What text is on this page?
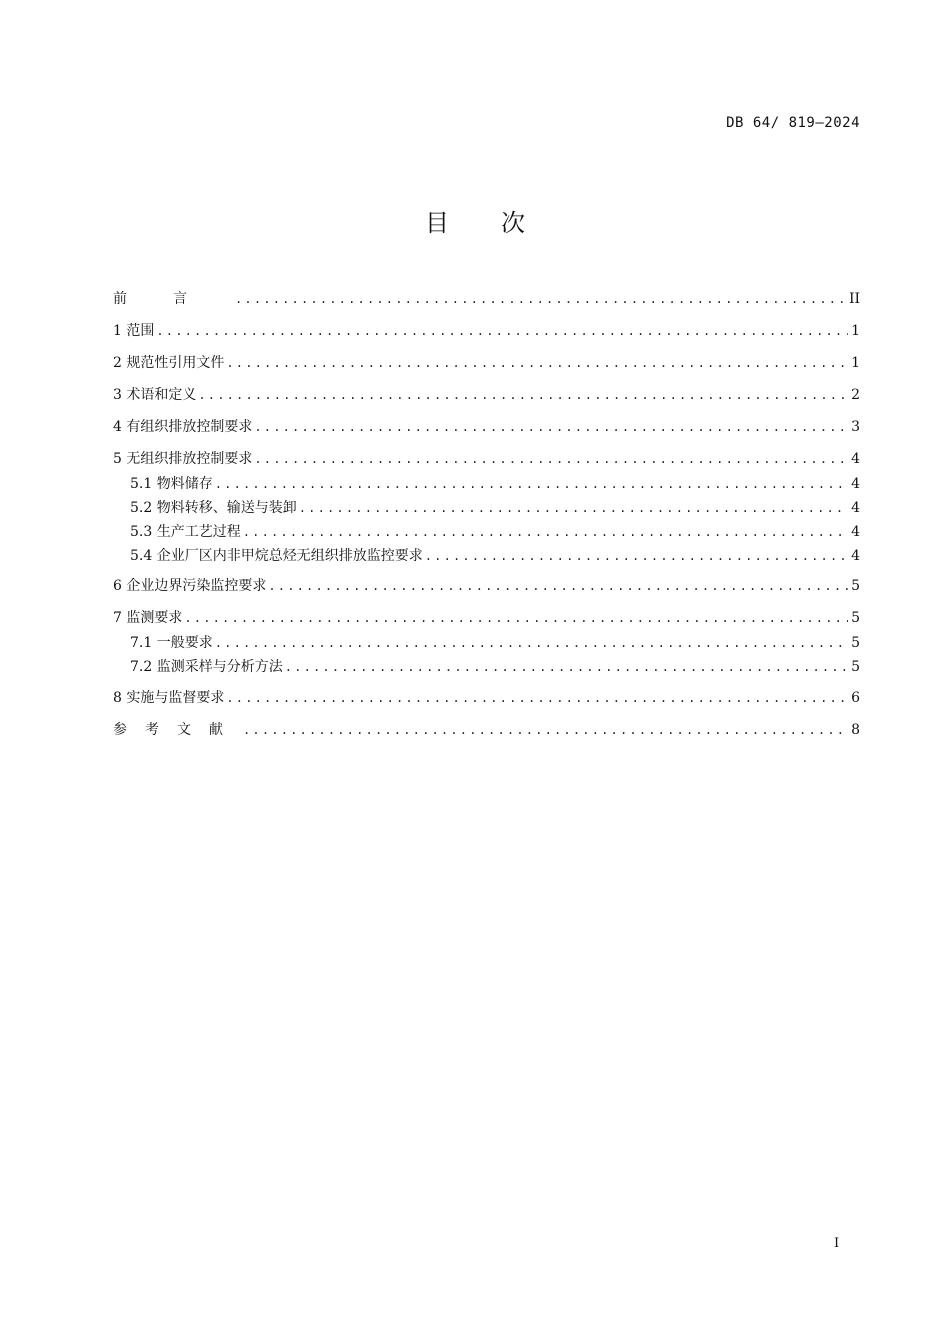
DB 64/ 819—2024
目次
前言 .....	II
1 范围 .....	1
2 规范性引用文件 .....	1
3 术语和定义 .....	2
4 有组织排放控制要求 .....	3
5 无组织排放控制要求 .....	4
5.1 物料储存 .....	4
5.2 物料转移、输送与装卸 .....	4
5.3 生产工艺过程 .....	4
5.4 企业厂区内非甲烷总烃无组织排放监控要求 .....	4
6 企业边界污染监控要求 .....	5
7 监测要求 .....	5
7.1 一般要求 .....	5
7.2 监测采样与分析方法 .....	5
8 实施与监督要求 .....	6
参考文献 .....	8
I
